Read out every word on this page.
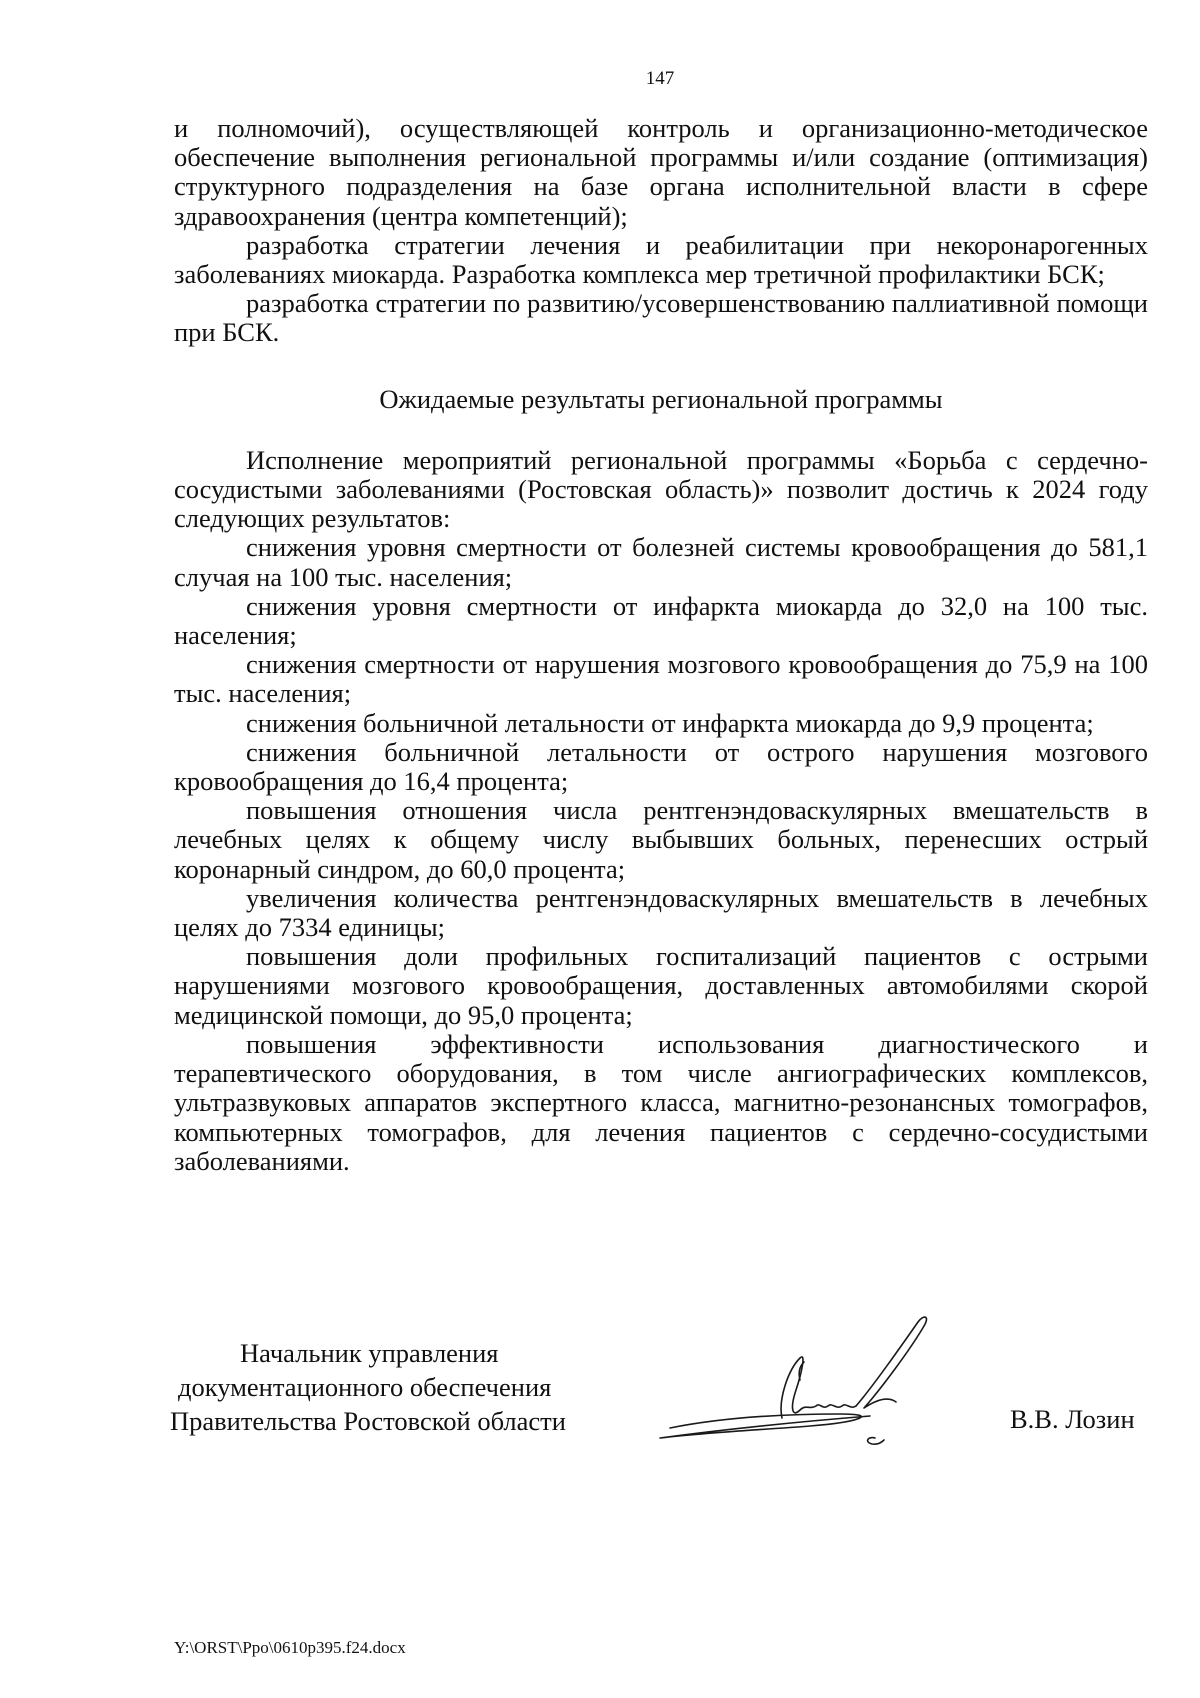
147

и полномочий), осуществляющей контроль и организационно-методическое обеспечение выполнения региональной программы и/или создание (оптимизация) структурного подразделения на базе органа исполнительной власти в сфере здравоохранения (центра компетенций);

разработка стратегии лечения и реабилитации при некоронарогенных заболеваниях миокарда. Разработка комплекса мер третичной профилактики БСК;

разработка стратегии по развитию/усовершенствованию паллиативной помощи при БСК.

Ожидаемые результаты региональной программы

Исполнение мероприятий региональной программы «Борьба с сердечно-сосудистыми заболеваниями (Ростовская область)» позволит достичь к 2024 году следующих результатов:

снижения уровня смертности от болезней системы кровообращения до 581,1 случая на 100 тыс. населения;

снижения уровня смертности от инфаркта миокарда до 32,0 на 100 тыс. населения;

снижения смертности от нарушения мозгового кровообращения до 75,9 на 100 тыс. населения;

снижения больничной летальности от инфаркта миокарда до 9,9 процента;

снижения больничной летальности от острого нарушения мозгового кровообращения до 16,4 процента;

повышения отношения числа рентгенэндоваскулярных вмешательств в лечебных целях к общему числу выбывших больных, перенесших острый коронарный синдром, до 60,0 процента;

увеличения количества рентгенэндоваскулярных вмешательств в лечебных целях до 7334 единицы;

повышения доли профильных госпитализаций пациентов с острыми нарушениями мозгового кровообращения, доставленных автомобилями скорой медицинской помощи, до 95,0 процента;

повышения эффективности использования диагностического и терапевтического оборудования, в том числе ангиографических комплексов, ультразвуковых аппаратов экспертного класса, магнитно-резонансных томографов, компьютерных томографов, для лечения пациентов с сердечно-сосудистыми заболеваниями.

Начальник управления
документационного обеспечения
Правительства Ростовской области	В.В. Лозин
Y:\ORST\Ppo\0610p395.f24.docx
